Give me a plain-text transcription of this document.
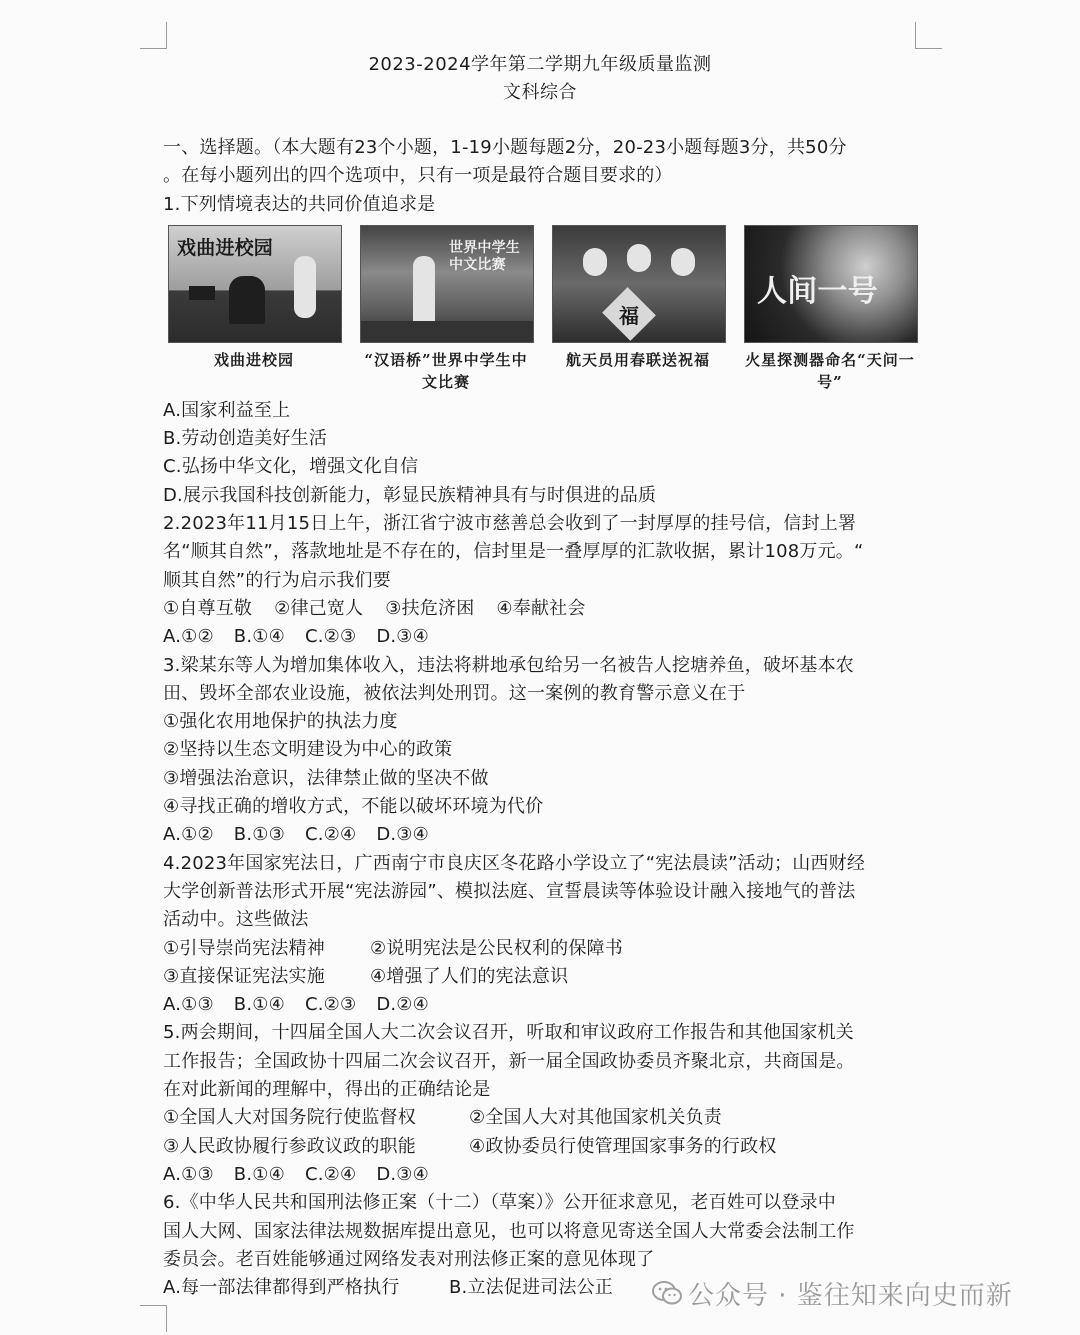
2023-2024学年第二学期九年级质量监测
文科综合

一、选择题。（本大题有23个小题，1-19小题每题2分，20-23小题每题3分，共50分

。在每小题列出的四个选项中，只有一项是最符合题目要求的）

1.下列情境表达的共同价值追求是

戏曲进校园
戏曲进校园
世界中学生中文比赛
“汉语桥”世界中学生中文比赛
福
航天员用春联送祝福
人间一号
火星探测器命名“天问一号”

A.国家利益至上

B.劳动创造美好生活

C.弘扬中华文化，增强文化自信

D.展示我国科技创新能力，彰显民族精神具有与时俱进的品质

2.2023年11月15日上午，浙江省宁波市慈善总会收到了一封厚厚的挂号信，信封上署

名“顺其自然”，落款地址是不存在的，信封里是一叠厚厚的汇款收据，累计108万元。“

顺其自然”的行为启示我们要

①自尊互敬 ②律己宽人 ③扶危济困 ④奉献社会

A.①② B.①④ C.②③ D.③④

3.梁某东等人为增加集体收入，违法将耕地承包给另一名被告人挖塘养鱼，破坏基本农

田、毁坏全部农业设施，被依法判处刑罚。这一案例的教育警示意义在于

①强化农用地保护的执法力度

②坚持以生态文明建设为中心的政策

③增强法治意识，法律禁止做的坚决不做

④寻找正确的增收方式，不能以破坏环境为代价

A.①② B.①③ C.②④ D.③④

4.2023年国家宪法日，广西南宁市良庆区冬花路小学设立了“宪法晨读”活动；山西财经

大学创新普法形式开展“宪法游园”、模拟法庭、宣誓晨读等体验设计融入接地气的普法

活动中。这些做法

①引导崇尚宪法精神	②说明宪法是公民权利的保障书

③直接保证宪法实施	④增强了人们的宪法意识

A.①③ B.①④ C.②③ D.②④

5.两会期间，十四届全国人大二次会议召开，听取和审议政府工作报告和其他国家机关

工作报告；全国政协十四届二次会议召开，新一届全国政协委员齐聚北京，共商国是。

在对此新闻的理解中，得出的正确结论是

①全国人大对国务院行使监督权	②全国人大对其他国家机关负责

③人民政协履行参政议政的职能	④政协委员行使管理国家事务的行政权

A.①③ B.①④ C.②④ D.③④

6.《中华人民共和国刑法修正案（十二）（草案）》公开征求意见，老百姓可以登录中

国人大网、国家法律法规数据库提出意见，也可以将意见寄送全国人大常委会法制工作

委员会。老百姓能够通过网络发表对刑法修正案的意见体现了

A.每一部法律都得到严格执行	B.立法促进司法公正	公众号 · 鉴往知来向史而新
